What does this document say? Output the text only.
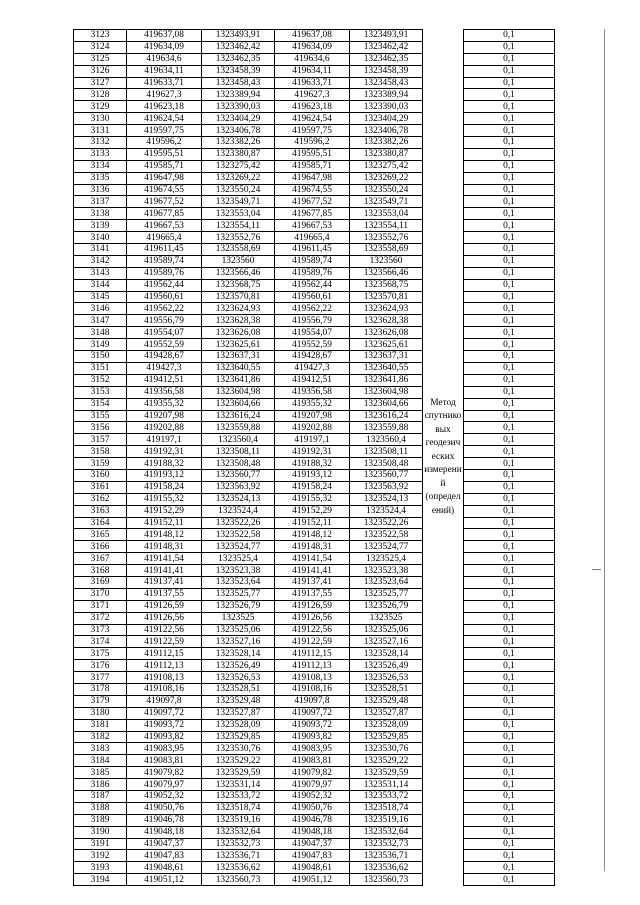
3123	419637,08	1323493,91	419637,08	1323493,91	Метод спутнико вых геодезич еских измерени й (определ ений)	0,1
3124	419634,09	1323462,42	419634,09	1323462,42		0,1
3125	419634,6	1323462,35	419634,6	1323462,35		0,1
3126	419634,11	1323458,39	419634,11	1323458,39		0,1
3127	419633,71	1323458,43	419633,71	1323458,43		0,1
3128	419627,3	1323389,94	419627,3	1323389,94		0,1
3129	419623,18	1323390,03	419623,18	1323390,03		0,1
3130	419624,54	1323404,29	419624,54	1323404,29		0,1
3131	419597,75	1323406,78	419597,75	1323406,78		0,1
3132	419596,2	1323382,26	419596,2	1323382,26		0,1
3133	419595,51	1323380,87	419595,51	1323380,87		0,1
3134	419585,71	1323275,42	419585,71	1323275,42		0,1
3135	419647,98	1323269,22	419647,98	1323269,22		0,1
3136	419674,55	1323550,24	419674,55	1323550,24		0,1
3137	419677,52	1323549,71	419677,52	1323549,71		0,1
3138	419677,85	1323553,04	419677,85	1323553,04		0,1
3139	419667,53	1323554,11	419667,53	1323554,11		0,1
3140	419665,4	1323552,76	419665,4	1323552,76		0,1
3141	419611,45	1323558,69	419611,45	1323558,69		0,1
3142	419589,74	1323560	419589,74	1323560		0,1
3143	419589,76	1323566,46	419589,76	1323566,46		0,1
3144	419562,44	1323568,75	419562,44	1323568,75		0,1
3145	419560,61	1323570,81	419560,61	1323570,81		0,1
3146	419562,22	1323624,93	419562,22	1323624,93		0,1
3147	419556,79	1323628,38	419556,79	1323628,38		0,1
3148	419554,07	1323626,08	419554,07	1323626,08		0,1
3149	419552,59	1323625,61	419552,59	1323625,61		0,1
3150	419428,67	1323637,31	419428,67	1323637,31		0,1
3151	419427,3	1323640,55	419427,3	1323640,55		0,1
3152	419412,51	1323641,86	419412,51	1323641,86		0,1
3153	419356,58	1323604,98	419356,58	1323604,98		0,1
3154	419355,32	1323604,66	419355,32	1323604,66		0,1
3155	419207,98	1323616,24	419207,98	1323616,24		0,1
3156	419202,88	1323559,88	419202,88	1323559,88		0,1
3157	419197,1	1323560,4	419197,1	1323560,4		0,1
3158	419192,31	1323508,11	419192,31	1323508,11		0,1
3159	419188,32	1323508,48	419188,32	1323508,48		0,1
3160	419193,12	1323560,77	419193,12	1323560,77		0,1
3161	419158,24	1323563,92	419158,24	1323563,92		0,1
3162	419155,32	1323524,13	419155,32	1323524,13		0,1
3163	419152,29	1323524,4	419152,29	1323524,4		0,1
3164	419152,11	1323522,26	419152,11	1323522,26		0,1
3165	419148,12	1323522,58	419148,12	1323522,58		0,1
3166	419148,31	1323524,77	419148,31	1323524,77		0,1
3167	419141,54	1323525,4	419141,54	1323525,4		0,1
3168	419141,41	1323523,38	419141,41	1323523,38		0,1
3169	419137,41	1323523,64	419137,41	1323523,64		0,1
3170	419137,55	1323525,77	419137,55	1323525,77		0,1
3171	419126,59	1323526,79	419126,59	1323526,79		0,1
3172	419126,56	1323525	419126,56	1323525		0,1
3173	419122,56	1323525,06	419122,56	1323525,06		0,1
3174	419122,59	1323527,16	419122,59	1323527,16		0,1
3175	419112,15	1323528,14	419112,15	1323528,14		0,1
3176	419112,13	1323526,49	419112,13	1323526,49		0,1
3177	419108,13	1323526,53	419108,13	1323526,53		0,1
3178	419108,16	1323528,51	419108,16	1323528,51		0,1
3179	419097,8	1323529,48	419097,8	1323529,48		0,1
3180	419097,72	1323527,87	419097,72	1323527,87		0,1
3181	419093,72	1323528,09	419093,72	1323528,09		0,1
3182	419093,82	1323529,85	419093,82	1323529,85		0,1
3183	419083,95	1323530,76	419083,95	1323530,76		0,1
3184	419083,81	1323529,22	419083,81	1323529,22		0,1
3185	419079,82	1323529,59	419079,82	1323529,59		0,1
3186	419079,97	1323531,14	419079,97	1323531,14		0,1
3187	419052,32	1323533,72	419052,32	1323533,72		0,1
3188	419050,76	1323518,74	419050,76	1323518,74		0,1
3189	419046,78	1323519,16	419046,78	1323519,16		0,1
3190	419048,18	1323532,64	419048,18	1323532,64		0,1
3191	419047,37	1323532,73	419047,37	1323532,73		0,1
3192	419047,83	1323536,71	419047,83	1323536,71		0,1
3193	419048,61	1323536,62	419048,61	1323536,62		0,1
3194	419051,12	1323560,73	419051,12	1323560,73		0,1
